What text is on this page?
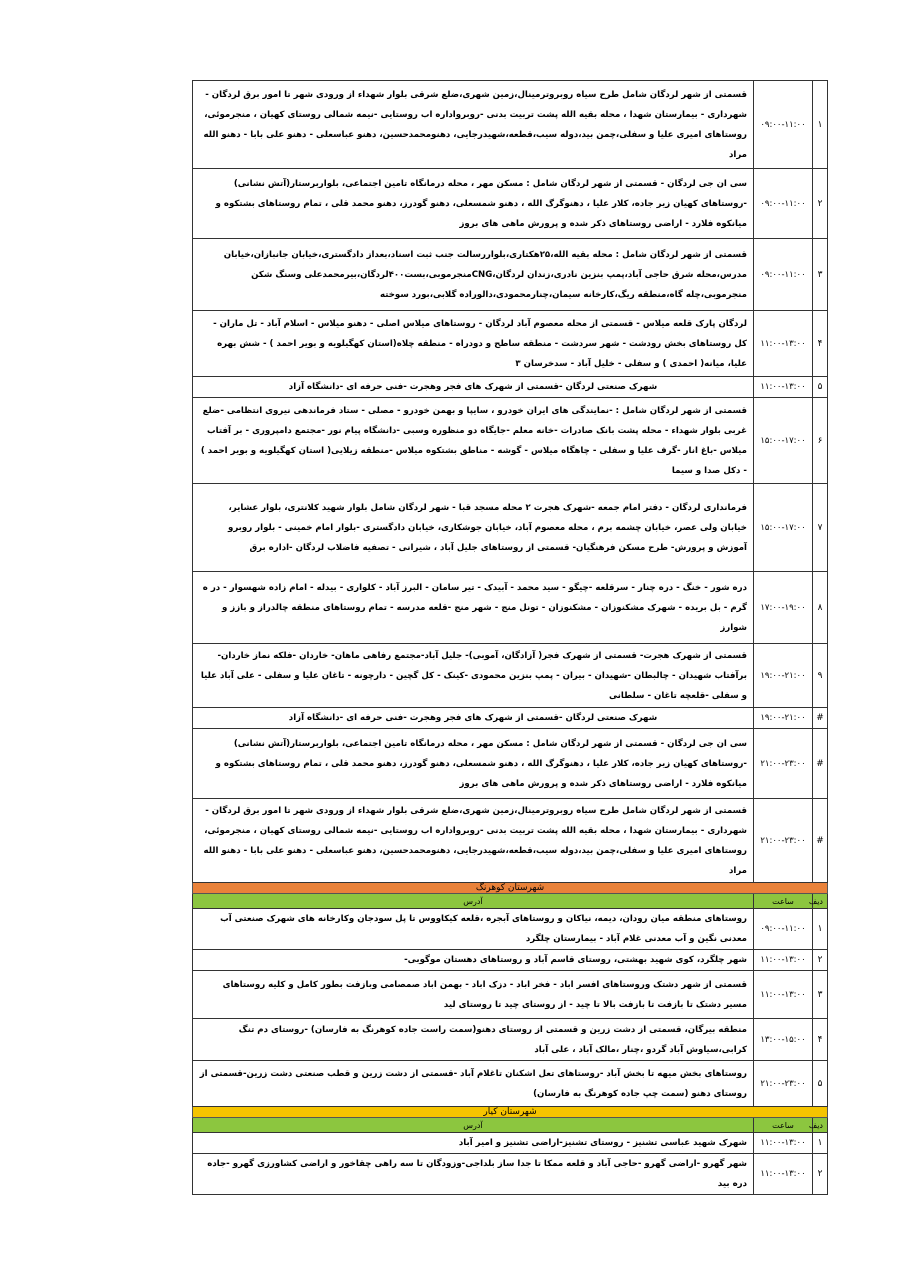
۱	۰۹:۰۰-۱۱:۰۰	قسمتی از شهر لردگان شامل طرح سیاه روبروترمینال،زمین شهری،ضلع شرقی بلوار شهداء از ورودی شهر تا امور برق لردگان - شهرداری - بیمارستان شهدا ، محله بقیه الله پشت تربیت بدنی -روبرواداره اب روستایی -نیمه شمالی روستای کهیان ، منجرموئی، روستاهای امیری علیا و سفلی،چمن بید،دوله سیب،قطعه،شهیدرجایی، دهنومحمدحسین، دهنو عباسعلی - دهنو علی بابا - دهنو الله مراد
۲	۰۹:۰۰-۱۱:۰۰	سی ان جی لردگان - قسمتی از شهر لردگان شامل : مسکن مهر ، محله درمانگاه تامین اجتماعی، بلواربرستار(آتش نشانی) -روستاهای کهیان زیر جاده، کلار علیا ، دهنوگرگ الله ، دهنو شمسعلی، دهنو گودرز، دهنو محمد قلی ، تمام روستاهای بشتکوه و میانکوه فلارد - اراضی روستاهای ذکر شده و پرورش ماهی های بروز
۳	۰۹:۰۰-۱۱:۰۰	قسمتی از شهر لردگان شامل : محله بقیه الله،۲۵هکتاری،بلواررسالت جنب ثبت اسناد،بعداز دادگستری،خیابان جانبازان،خیابان مدرس،محله شرق حاجی آباد،پمپ بنزین نادری،زندان لردگان،CNGمنجرموبی،بست۴۰۰لردگان،بیرمحمدعلی وسنگ شکن منجرموبی،چله گاه،منطقه ریگ،کارخانه سیمان،چنارمحمودی،دالوراده گلابی،بورد سوخته
۴	۱۱:۰۰-۱۳:۰۰	لردگان پارک قلعه میلاس - قسمتی از محله معصوم آباد لردگان - روستاهای میلاس اصلی - دهنو میلاس - اسلام آباد - تل ماران - کل روستاهای بخش رودشت - شهر سردشت - منطقه ساطح و دودراه - منطقه چلاه(استان کهگیلویه و بویر احمد ) - شش بهره علیا، میانه( احمدی ) و سفلی - خلیل آباد - سدخرسان ۳
۵	۱۱:۰۰-۱۳:۰۰	شهرک صنعتی لردگان -قسمتی از شهرک های فجر وهجرت -فنی حرفه ای -دانشگاه آزاد
۶	۱۵:۰۰-۱۷:۰۰	قسمتی از شهر لردگان شامل : -نمایندگی های ایران خودرو ، سایپا و بهمن خودرو - مصلی - ستاد فرماندهی نیروی انتظامی -ضلع غربی بلوار شهداء - محله پشت بانک صادرات -خانه معلم -جایگاه دو منظوره وسبی -دانشگاه پیام نور -مجتمع دامپروری - بر آفتاب میلاس -باغ انار -گرف علیا و سفلی - چاهگاه میلاس - گوشه - مناطق بشتکوه میلاس -منطقه زیلایی( استان کهگیلویه و بویر احمد ) - دکل صدا و سیما
۷	۱۵:۰۰-۱۷:۰۰	فرمانداری لردگان - دفتر امام جمعه -شهرک هجرت ۲ محله مسجد قبا - شهر لردگان شامل بلوار شهید کلانتری، بلوار عشایر، خیابان ولی عصر، خیابان چشمه برم ، محله معصوم آباد، خیابان جوشکاری، خیابان دادگستری -بلوار امام خمینی - بلوار روبرو آموزش و پرورش- طرح مسکن فرهنگیان- قسمتی از روستاهای جلیل آباد ، شیرانی - تصفیه فاضلاب لردگان -اداره برق
۸	۱۷:۰۰-۱۹:۰۰	دره شور - خنگ - دره چنار - سرقلعه -چیگو - سید محمد - آبیدک - تیر سامان - البرز آباد - کلواری - بیدله - امام زاده شهسوار - در ه گرم - بل بریده - شهرک مشکنوزان - مشکنوزان - تونل منج - شهر منج -قلعه مدرسه - تمام روستاهای منطقه چالدراز و بازز و شوارز
۹	۱۹:۰۰-۲۱:۰۰	قسمتی از شهرک هجرت- قسمتی از شهرک فجر( آزادگان، آموبی)- جلیل آباد-مجتمع رفاهی ماهان- خاردان -فلکه نماز خاردان- برآفتاب شهیدان - چالبطان -شهیدان - بیران - پمپ بنزین محمودی -کینک - کل گچین - دارچونه - تاغان علیا و سفلی - علی آباد علیا و سفلی -قلعچه تاغان - سلطانی
#	۱۹:۰۰-۲۱:۰۰	شهرک صنعتی لردگان -قسمتی از شهرک های فجر وهجرت -فنی حرفه ای -دانشگاه آزاد
#	۲۱:۰۰-۲۳:۰۰	سی ان جی لردگان - قسمتی از شهر لردگان شامل : مسکن مهر ، محله درمانگاه تامین اجتماعی، بلواربرستار(آتش نشانی) -روستاهای کهیان زیر جاده، کلار علیا ، دهنوگرگ الله ، دهنو شمسعلی، دهنو گودرز، دهنو محمد قلی ، تمام روستاهای بشتکوه و میانکوه فلارد - اراضی روستاهای ذکر شده و پرورش ماهی های بروز
#	۲۱:۰۰-۲۳:۰۰	قسمتی از شهر لردگان شامل طرح سیاه روبروترمینال،زمین شهری،ضلع شرقی بلوار شهداء از ورودی شهر تا امور برق لردگان - شهرداری - بیمارستان شهدا ، محله بقیه الله پشت تربیت بدنی -روبرواداره اب روستایی -نیمه شمالی روستای کهیان ، منجرموئی، روستاهای امیری علیا و سفلی،چمن بید،دوله سیب،قطعه،شهیدرجایی، دهنومحمدحسین، دهنو عباسعلی - دهنو علی بابا - دهنو الله مراد
شهرستان کوهرنگ		
دیف	ساعت	آدرس
۱	۰۹:۰۰-۱۱:۰۰	روستاهای منطقه میان رودان، دیمه، نیاکان و روستاهای آبجره ،قلعه کیکاووس تا پل سودجان وکارخانه های شهرک صنعتی آب معدنی نگین و آب معدنی غلام آباد - بیمارستان چلگرد
۲	۱۱:۰۰-۱۳:۰۰	شهر چلگرد، کوی شهید بهشتی، روستای قاسم آباد و روستاهای دهستان موگوبی-
۳	۱۱:۰۰-۱۳:۰۰	قسمتی از شهر دشتک وروستاهای افسر اباد - فخر اباد - دزک اباد - بهمن اباد صمصامی وبازفت بطور کامل و کلیه روستاهای مسیر دشتک تا بازفت تا بازفت بالا تا چید - از روستای چید تا روستای لید
۴	۱۳:۰۰-۱۵:۰۰	منطقه بیرگان، قسمتی از دشت زرین و قسمتی از روستای دهنو(سمت راست جاده کوهرنگ به فارسان) -روستای دم تنگ کرابی،سیاوش آباد گردو ،چنار ،مالک آباد ، علی آباد
۵	۲۱:۰۰-۲۳:۰۰	روستاهای بخش میهه تا بخش آباد -روستاهای تعل اشکنان تاغلام آباد -قسمتی از دشت زرین و قطب صنعتی دشت زرین-قسمتی از روستای دهنو (سمت چپ جاده کوهرنگ به فارسان)
شهرستان کیار		
دیف	ساعت	آدرس
۱	۱۱:۰۰-۱۳:۰۰	شهرک شهید عباسی تشنیز - روستای تشنیز-اراضی تشنیز و امیر آباد
۲	۱۱:۰۰-۱۳:۰۰	شهر گهرو -اراضی گهرو -حاجی آباد و قلعه ممکا تا جدا ساز بلداجی-وزودگان تا سه راهی چقاخور و اراضی کشاورزی گهرو -جاده دره بید
